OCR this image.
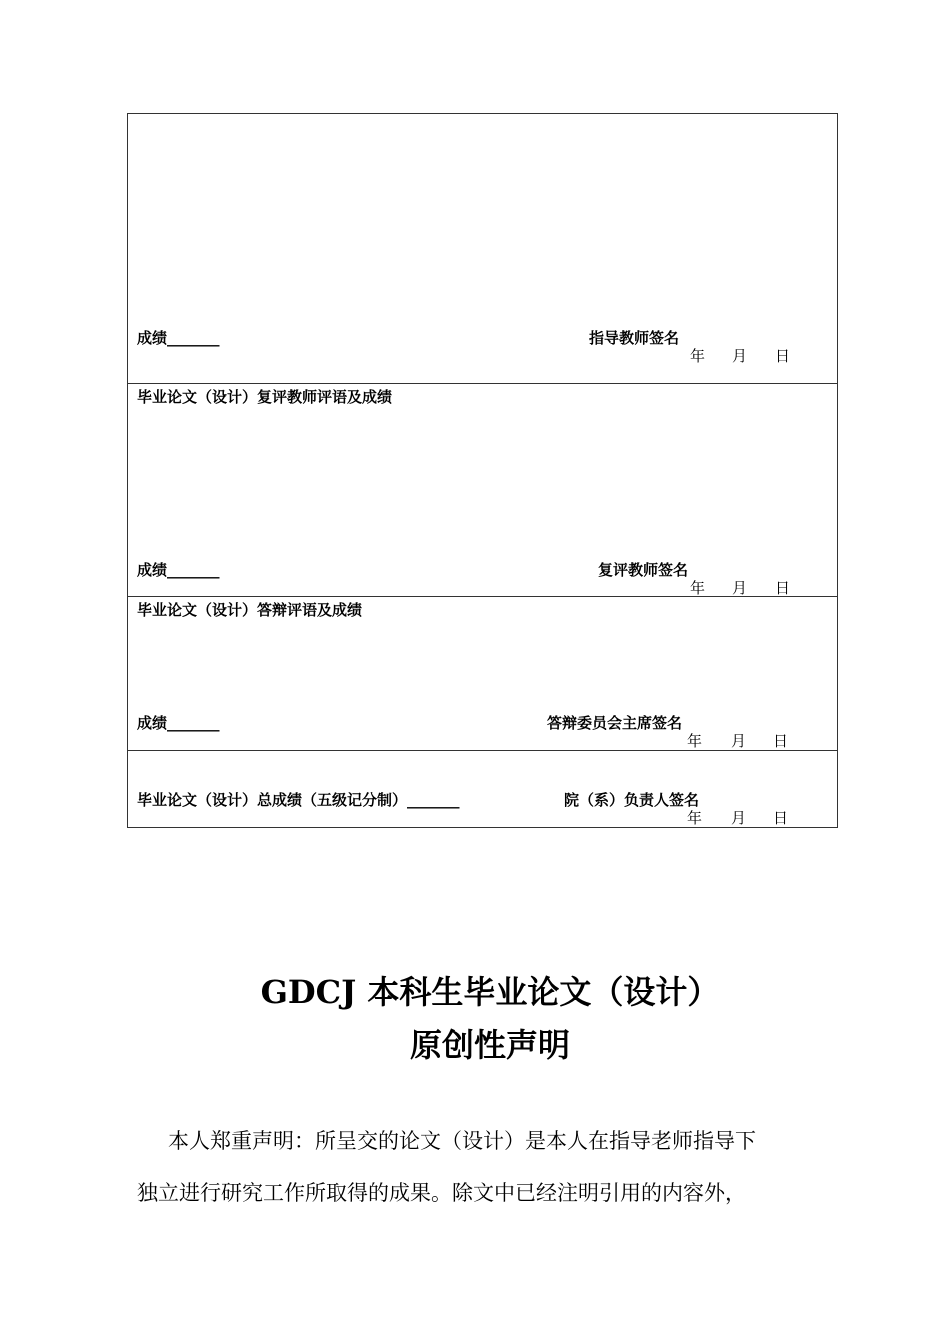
成绩_______	指导教师签名
年 月 日
毕业论文（设计）复评教师评语及成绩
成绩_______	复评教师签名
年 月 日
毕业论文（设计）答辩评语及成绩
成绩_______	答辩委员会主席签名
年 月 日
毕业论文（设计）总成绩（五级记分制）_______	院（系）负责人签名
年 月 日
GDCJ 本科生毕业论文（设计）
原创性声明
本人郑重声明：所呈交的论文（设计）是本人在指导老师指导下
独立进行研究工作所取得的成果。除文中已经注明引用的内容外，
